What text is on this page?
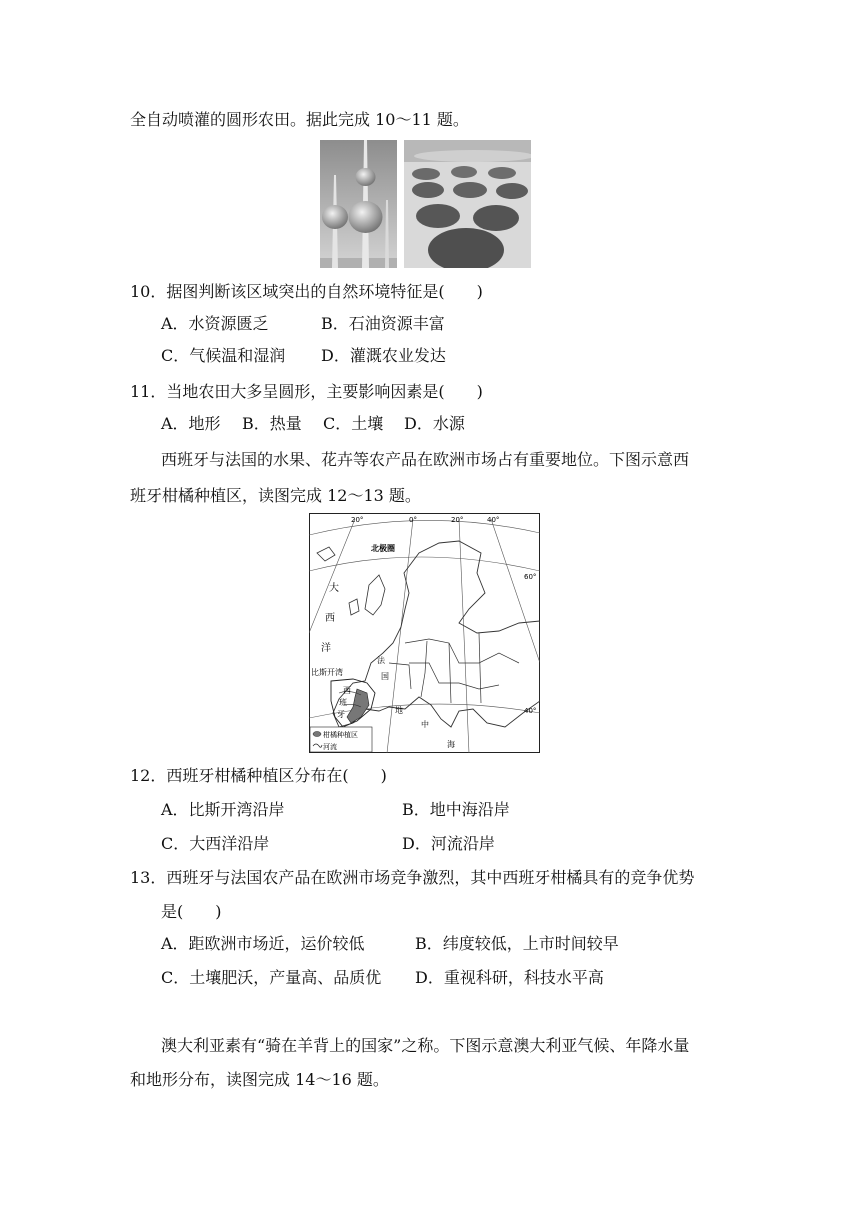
全自动喷灌的圆形农田。据此完成 10～11 题。
10．据图判断该区域突出的自然环境特征是(　　)
A．水资源匮乏	B．石油资源丰富
C．气候温和湿润 D．灌溉农业发达
11．当地农田大多呈圆形，主要影响因素是(　　)
A．地形 B．热量 C．土壤 D．水源
西班牙与法国的水果、花卉等农产品在欧洲市场占有重要地位。下图示意西
班牙柑橘种植区，读图完成 12～13 题。
20°	0°	20°	40°
60°
40°
北极圈
大
西
洋
比斯开湾
西
班
牙
法
国
地
中
海
柑橘种植区
河流
12．西班牙柑橘种植区分布在(　　)
A．比斯开湾沿岸	B．地中海沿岸
C．大西洋沿岸	D．河流沿岸
13．西班牙与法国农产品在欧洲市场竞争激烈，其中西班牙柑橘具有的竞争优势
是(　　)
A．距欧洲市场近，运价较低	B．纬度较低，上市时间较早
C．土壤肥沃，产量高、品质优 D．重视科研，科技水平高
澳大利亚素有“骑在羊背上的国家”之称。下图示意澳大利亚气候、年降水量
和地形分布，读图完成 14～16 题。
